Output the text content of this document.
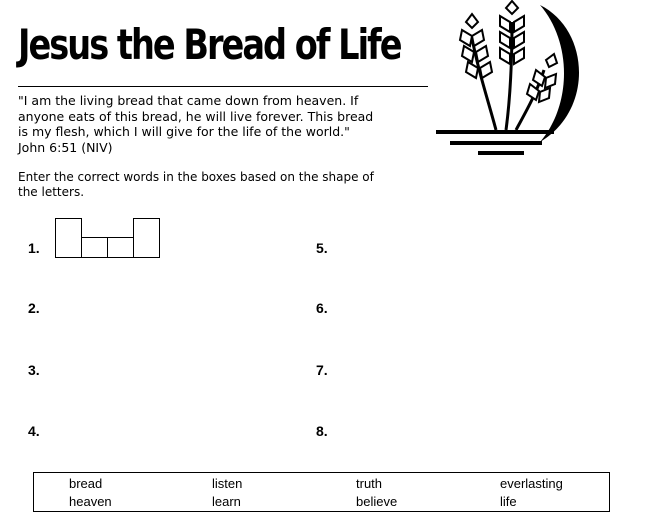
Jesus the Bread of Life
"I am the living bread that came down from heaven. If
anyone eats of this bread, he will live forever. This bread
is my flesh, which I will give for the life of the world."
John 6:51 (NIV)
Enter the correct words in the boxes based on the shape of
the letters.
1.
2.
3.
4.
5.
6.
7.
8.
bread	listen	truth	everlasting
heaven	learn	believe	life
